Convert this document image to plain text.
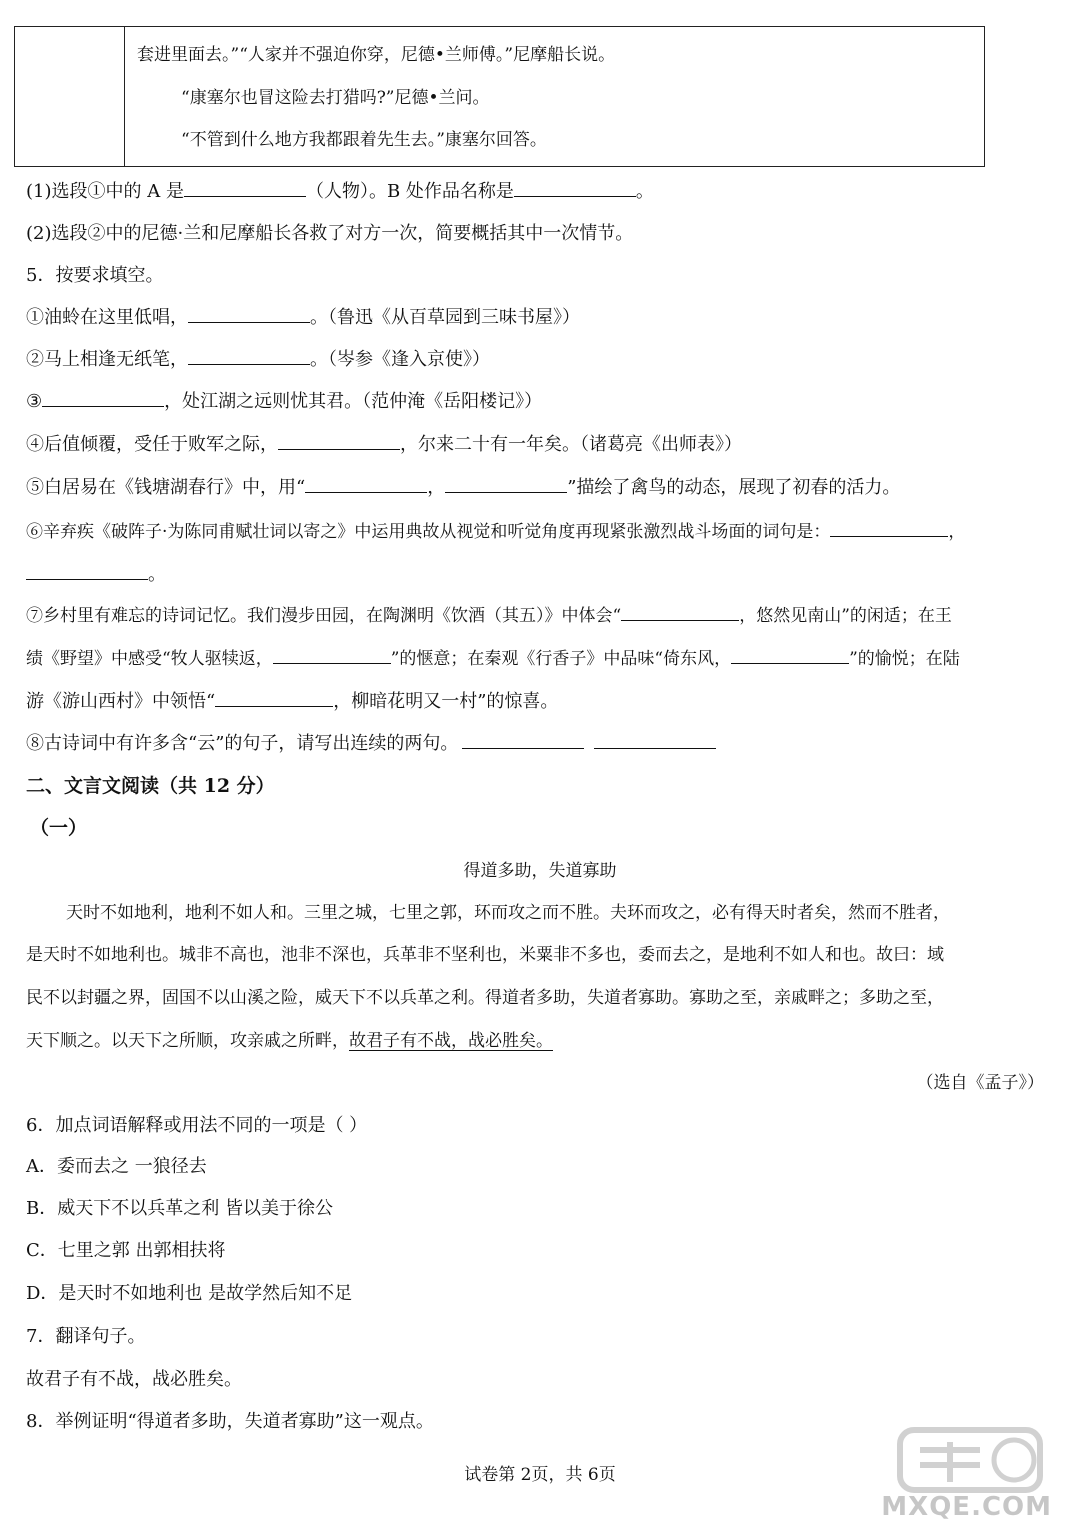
套进里面去。”“人家并不强迫你穿，尼德•兰师傅。”尼摩船长说。
“康塞尔也冒这险去打猎吗?”尼德•兰问。
“不管到什么地方我都跟着先生去。”康塞尔回答。
(1)选段①中的 A 是	（人物）。B 处作品名称是	。
(2)选段②中的尼德·兰和尼摩船长各救了对方一次，简要概括其中一次情节。
5．按要求填空。
①油蛉在这里低唱，	。（鲁迅《从百草园到三味书屋》）
②马上相逢无纸笔，	。（岑参《逢入京使》）
③	，处江湖之远则忧其君。（范仲淹《岳阳楼记》）
④后值倾覆，受任于败军之际，	，尔来二十有一年矣。（诸葛亮《出师表》）
⑤白居易在《钱塘湖春行》中，用“	，	”描绘了禽鸟的动态，展现了初春的活力。
⑥辛弃疾《破阵子·为陈同甫赋壮词以寄之》中运用典故从视觉和听觉角度再现紧张激烈战斗场面的词句是：	，
。
⑦乡村里有难忘的诗词记忆。我们漫步田园，在陶渊明《饮酒（其五）》中体会“	，悠然见南山”的闲适；在王
绩《野望》中感受“牧人驱犊返，	”的惬意；在秦观《行香子》中品味“倚东风，	”的愉悦；在陆
游《游山西村》中领悟“	，柳暗花明又一村”的惊喜。
⑧古诗词中有许多含“云”的句子，请写出连续的两句。
二、文言文阅读（共 12 分）
（一）
得道多助，失道寡助
天时不如地利，地利不如人和。三里之城，七里之郭，环而攻之而不胜。夫环而攻之，必有得天时者矣，然而不胜者，
是天时不如地利也。城非不高也，池非不深也，兵革非不坚利也，米粟非不多也，委而去之，是地利不如人和也。故曰：域
民不以封疆之界，固国不以山溪之险，威天下不以兵革之利。得道者多助，失道者寡助。寡助之至，亲戚畔之；多助之至，
天下顺之。以天下之所顺，攻亲戚之所畔，故君子有不战，战必胜矣。
（选自《孟子》）
6．加点词语解释或用法不同的一项是（ ）
A．委而去之 一狼径去
B．威天下不以兵革之利 皆以美于徐公
C．七里之郭 出郭相扶将
D．是天时不如地利也 是故学然后知不足
7．翻译句子。
故君子有不战，战必胜矣。
8．举例证明“得道者多助，失道者寡助”这一观点。
试卷第 2页，共 6页
MXQE.COM
